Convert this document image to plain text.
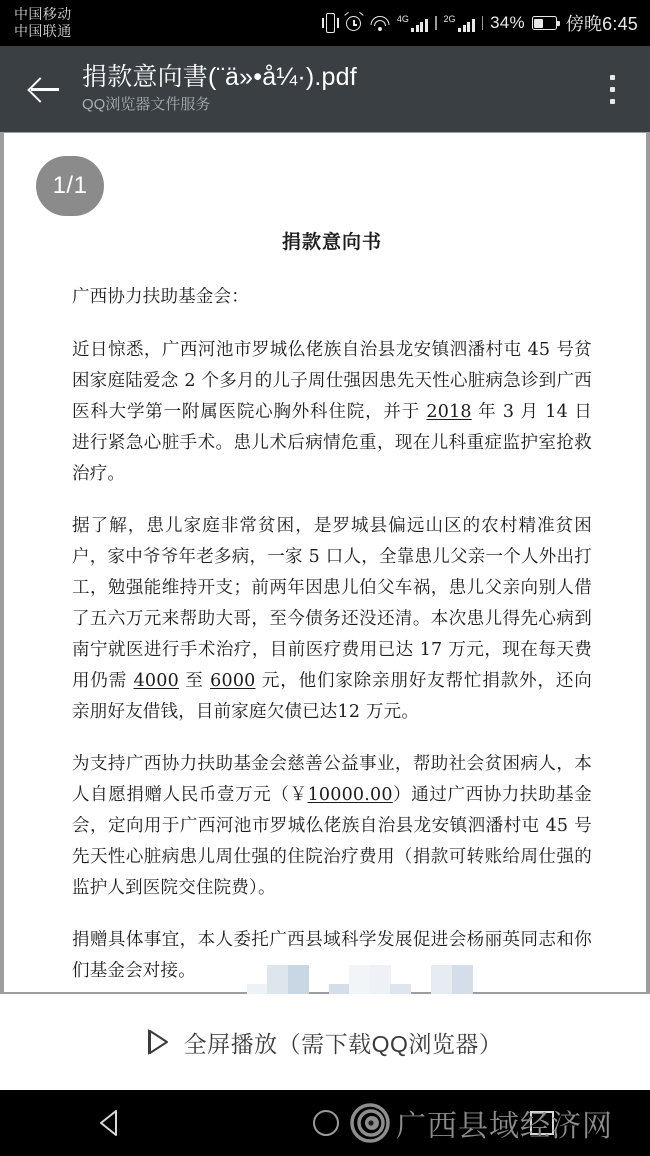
中国移动
中国联通
4G	2G 34% 傍晚6:45
捐款意向書(¨ä»•å¼·).pdf
QQ浏览器文件服务
捐款意向书
广西协力扶助基金会：
近日惊悉，广西河池市罗城仫佬族自治县龙安镇泗潘村屯 45 号贫困家庭陆爱念 2 个多月的儿子周仕强因患先天性心脏病急诊到广西医科大学第一附属医院心胸外科住院，并于 2018 年 3 月 14 日进行紧急心脏手术。患儿术后病情危重，现在儿科重症监护室抢救治疗。
据了解，患儿家庭非常贫困，是罗城县偏远山区的农村精准贫困户，家中爷爷年老多病，一家 5 口人，全靠患儿父亲一个人外出打工，勉强能维持开支；前两年因患儿伯父车祸，患儿父亲向别人借了五六万元来帮助大哥，至今债务还没还清。本次患儿得先心病到南宁就医进行手术治疗，目前医疗费用已达 17 万元，现在每天费用仍需 4000 至 6000 元，他们家除亲朋好友帮忙捐款外，还向亲朋好友借钱，目前家庭欠债已达12 万元。
为支持广西协力扶助基金会慈善公益事业，帮助社会贫困病人，本人自愿捐赠人民币壹万元（￥10000.00）通过广西协力扶助基金会，定向用于广西河池市罗城仫佬族自治县龙安镇泗潘村屯 45 号先天性心脏病患儿周仕强的住院治疗费用（捐款可转账给周仕强的监护人到医院交住院费）。
捐赠具体事宜，本人委托广西县域科学发展促进会杨丽英同志和你们基金会对接。
1/1
全屏播放（需下载QQ浏览器）
广西县域经济网
